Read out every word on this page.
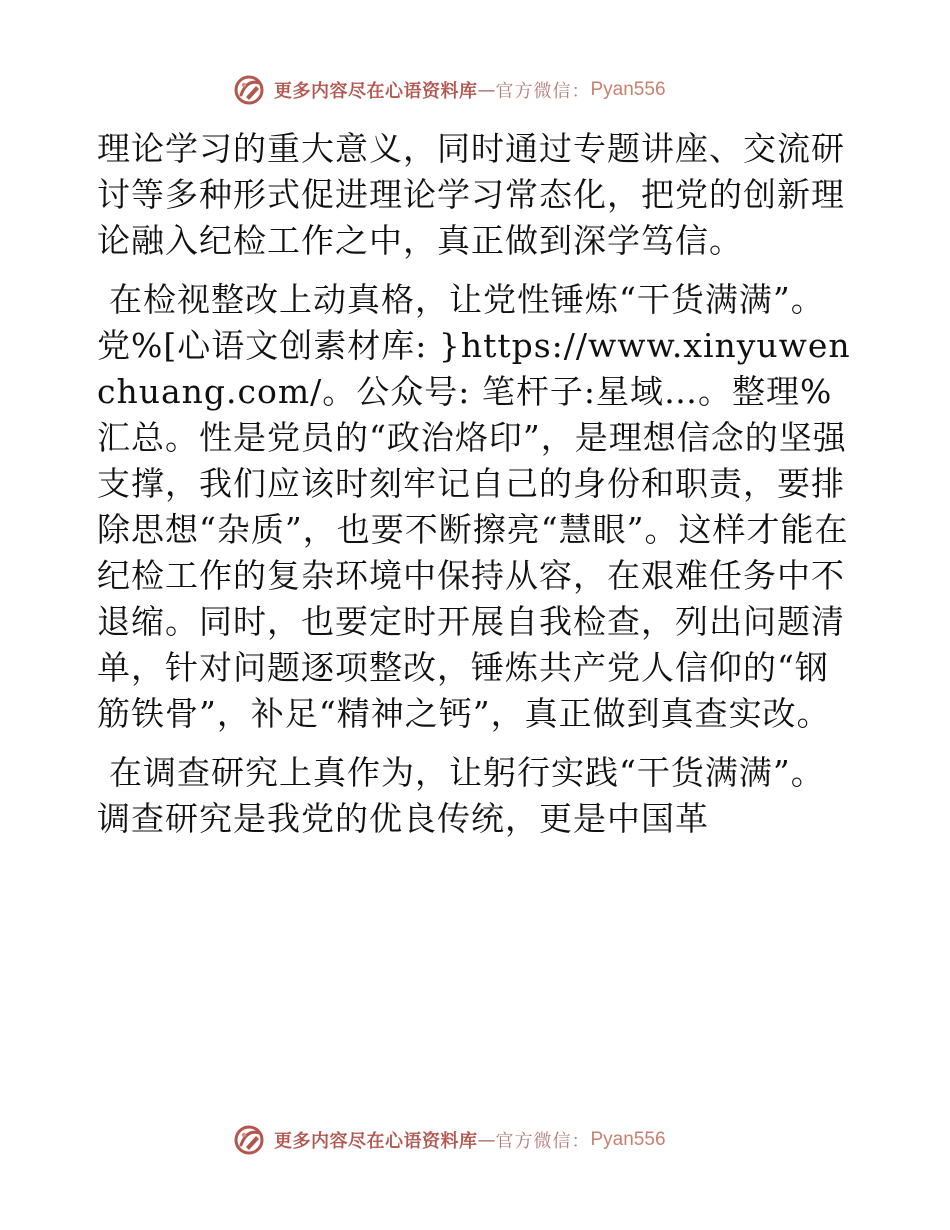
更多内容尽在心语资料库 — 官方微信： Pyan556

理论学习的重大意义，同时通过专题讲座、交流研讨等多种形式促进理论学习常态化，把党的创新理论融入纪检工作之中，真正做到深学笃信。

在检视整改上动真格，让党性锤炼“干货满满”。党%[心语文创素材库: }https://www.xinyuwenchuang.com/。公众号: 笔杆子:星域…。整理%汇总。性是党员的“政治烙印”，是理想信念的坚强支撑，我们应该时刻牢记自己的身份和职责，要排除思想“杂质”，也要不断擦亮“慧眼”。这样才能在纪检工作的复杂环境中保持从容，在艰难任务中不退缩。同时，也要定时开展自我检查，列出问题清单，针对问题逐项整改，锤炼共产党人信仰的“钢筋铁骨”，补足“精神之钙”，真正做到真查实改。

在调查研究上真作为，让躬行实践“干货满满”。调查研究是我党的优良传统，更是中国革

更多内容尽在心语资料库 — 官方微信： Pyan556
